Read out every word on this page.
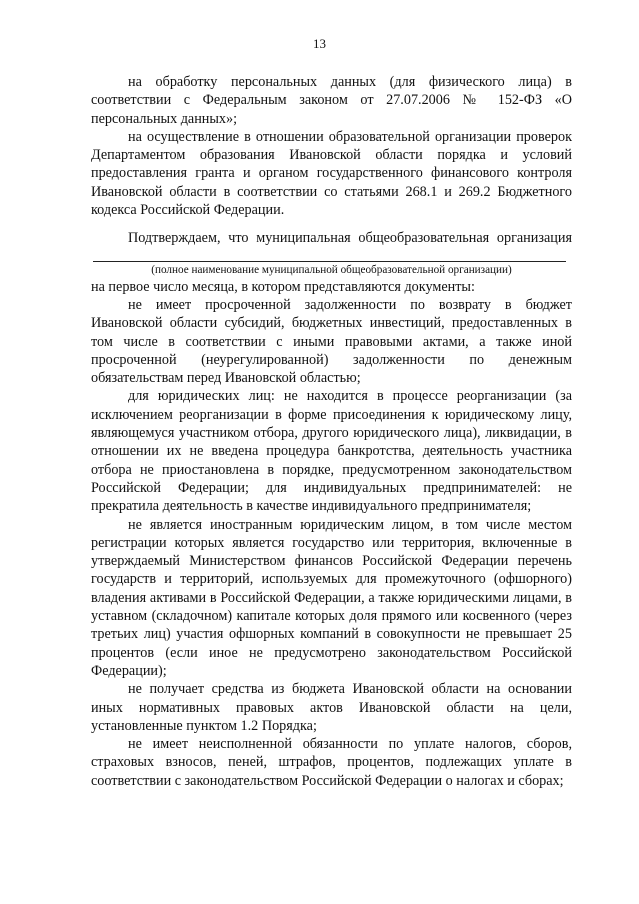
13

на обработку персональных данных (для физического лица) в соответствии с Федеральным законом от 27.07.2006 № 152-ФЗ «О персональных данных»;

на осуществление в отношении образовательной организации проверок Департаментом образования Ивановской области порядка и условий предоставления гранта и органом государственного финансового контроля Ивановской области в соответствии со статьями 268.1 и 269.2 Бюджетного кодекса Российской Федерации.

Подтверждаем, что муниципальная общеобразовательная организация

(полное наименование муниципальной общеобразовательной организации)

на первое число месяца, в котором представляются документы:

не имеет просроченной задолженности по возврату в бюджет Ивановской области субсидий, бюджетных инвестиций, предоставленных в том числе в соответствии с иными правовыми актами, а также иной просроченной (неурегулированной) задолженности по денежным обязательствам перед Ивановской областью;

для юридических лиц: не находится в процессе реорганизации (за исключением реорганизации в форме присоединения к юридическому лицу, являющемуся участником отбора, другого юридического лица), ликвидации, в отношении их не введена процедура банкротства, деятельность участника отбора не приостановлена в порядке, предусмотренном законодательством Российской Федерации; для индивидуальных предпринимателей: не прекратила деятельность в качестве индивидуального предпринимателя;

не является иностранным юридическим лицом, в том числе местом регистрации которых является государство или территория, включенные в утверждаемый Министерством финансов Российской Федерации перечень государств и территорий, используемых для промежуточного (офшорного) владения активами в Российской Федерации, а также юридическими лицами, в уставном (складочном) капитале которых доля прямого или косвенного (через третьих лиц) участия офшорных компаний в совокупности не превышает 25 процентов (если иное не предусмотрено законодательством Российской Федерации);

не получает средства из бюджета Ивановской области на основании иных нормативных правовых актов Ивановской области на цели, установленные пунктом 1.2 Порядка;

не имеет неисполненной обязанности по уплате налогов, сборов, страховых взносов, пеней, штрафов, процентов, подлежащих уплате в соответствии с законодательством Российской Федерации о налогах и сборах;
